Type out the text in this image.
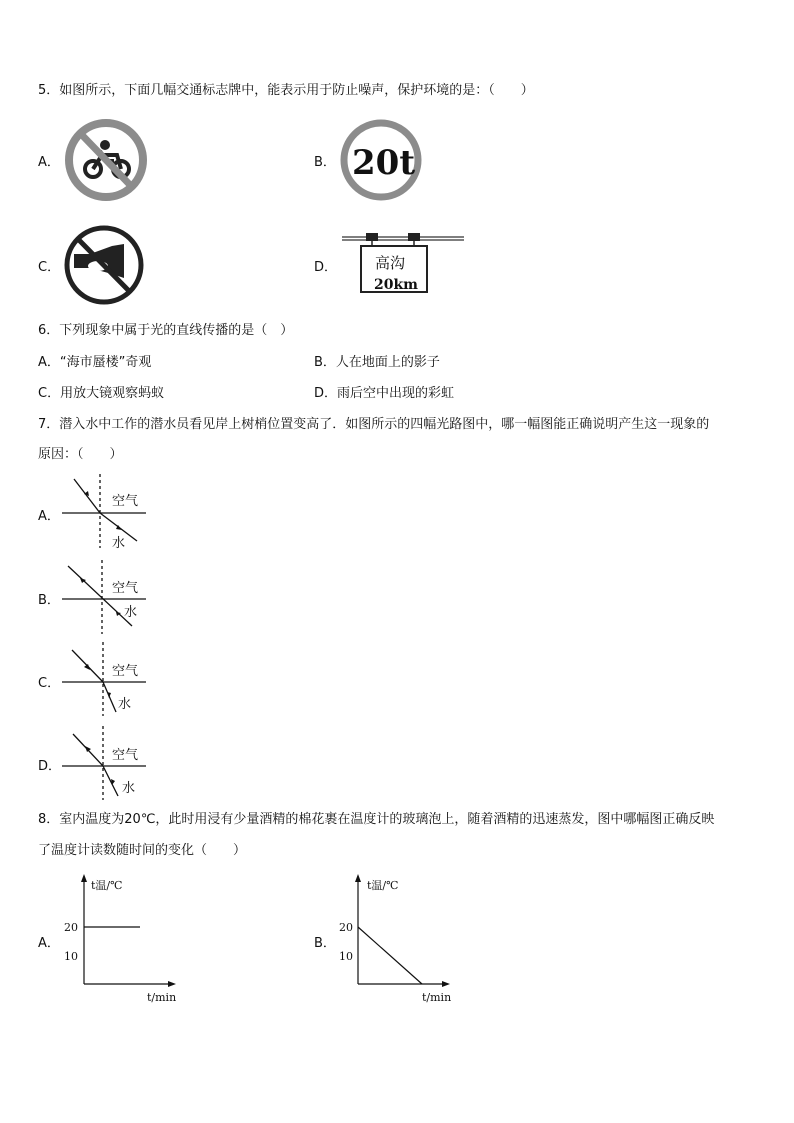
5．如图所示，下面几幅交通标志牌中，能表示用于防止噪声，保护环境的是：（　　）
A．	B． 20t
C．	D．	高沟
20km
6．下列现象中属于光的直线传播的是（　）
A．“海市蜃楼”奇观	B．人在地面上的影子
C．用放大镜观察蚂蚁	D．雨后空中出现的彩虹
7．潜入水中工作的潜水员看见岸上树梢位置变高了．如图所示的四幅光路图中，哪一幅图能正确说明产生这一现象的
原因：（　　）
A．
空气
水
B．
空气
水
C．
空气
水
D．
空气
水
8．室内温度为20℃，此时用浸有少量酒精的棉花裹在温度计的玻璃泡上，随着酒精的迅速蒸发，图中哪幅图正确反映
了温度计读数随时间的变化（　　）
A．
t温/℃
20
10
t/min
B．
t温/℃
20
10
t/min
